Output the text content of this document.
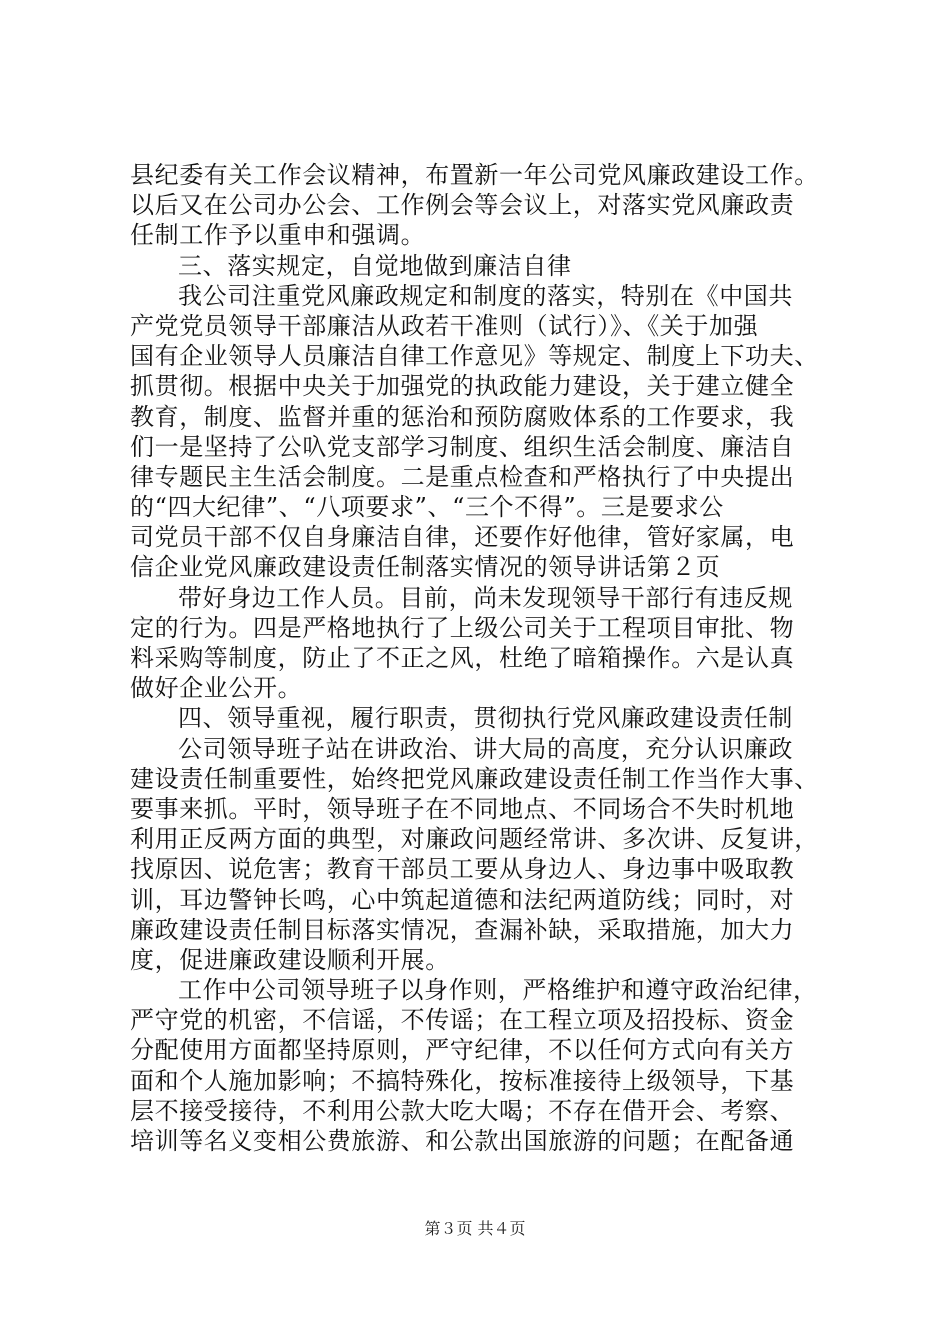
县纪委有关工作会议精神，布置新一年公司党风廉政建设工作。
以后又在公司办公会、工作例会等会议上，对落实党风廉政责
任制工作予以重申和强调。
三、落实规定，自觉地做到廉洁自律
我公司注重党风廉政规定和制度的落实，特别在《中国共
产党党员领导干部廉洁从政若干准则（试行）》、《关于加强
国有企业领导人员廉洁自律工作意见》等规定、制度上下功夫、
抓贯彻。根据中央关于加强党的执政能力建设，关于建立健全
教育，制度、监督并重的惩治和预防腐败体系的工作要求，我
们一是坚持了公叺党支部学习制度、组织生活会制度、廉洁自
律专题民主生活会制度。二是重点检查和严格执行了中央提出
的“四大纪律”、“八项要求”、“三个不得”。三是要求公
司党员干部不仅自身廉洁自律，还要作好他律，管好家属，电
信企业党风廉政建设责任制落实情况的领导讲话第２页
带好身边工作人员。目前，尚未发现领导干部行有违反规
定的行为。四是严格地执行了上级公司关于工程项目审批、物
料采购等制度，防止了不正之风，杜绝了暗箱操作。六是认真
做好企业公开。
四、领导重视，履行职责，贯彻执行党风廉政建设责任制
公司领导班子站在讲政治、讲大局的高度，充分认识廉政
建设责任制重要性，始终把党风廉政建设责任制工作当作大事、
要事来抓。平时，领导班子在不同地点、不同场合不失时机地
利用正反两方面的典型，对廉政问题经常讲、多次讲、反复讲，
找原因、说危害；教育干部员工要从身边人、身边事中吸取教
训，耳边警钟长鸣，心中筑起道德和法纪两道防线；同时，对
廉政建设责任制目标落实情况，查漏补缺，采取措施，加大力
度，促进廉政建设顺利开展。
工作中公司领导班子以身作则，严格维护和遵守政治纪律，
严守党的机密，不信谣，不传谣；在工程立项及招投标、资金
分配使用方面都坚持原则，严守纪律，不以任何方式向有关方
面和个人施加影响；不搞特殊化，按标准接待上级领导，下基
层不接受接待，不利用公款大吃大喝；不存在借开会、考察、
培训等名义变相公费旅游、和公款出国旅游的问题；在配备通
第３页 共４页
